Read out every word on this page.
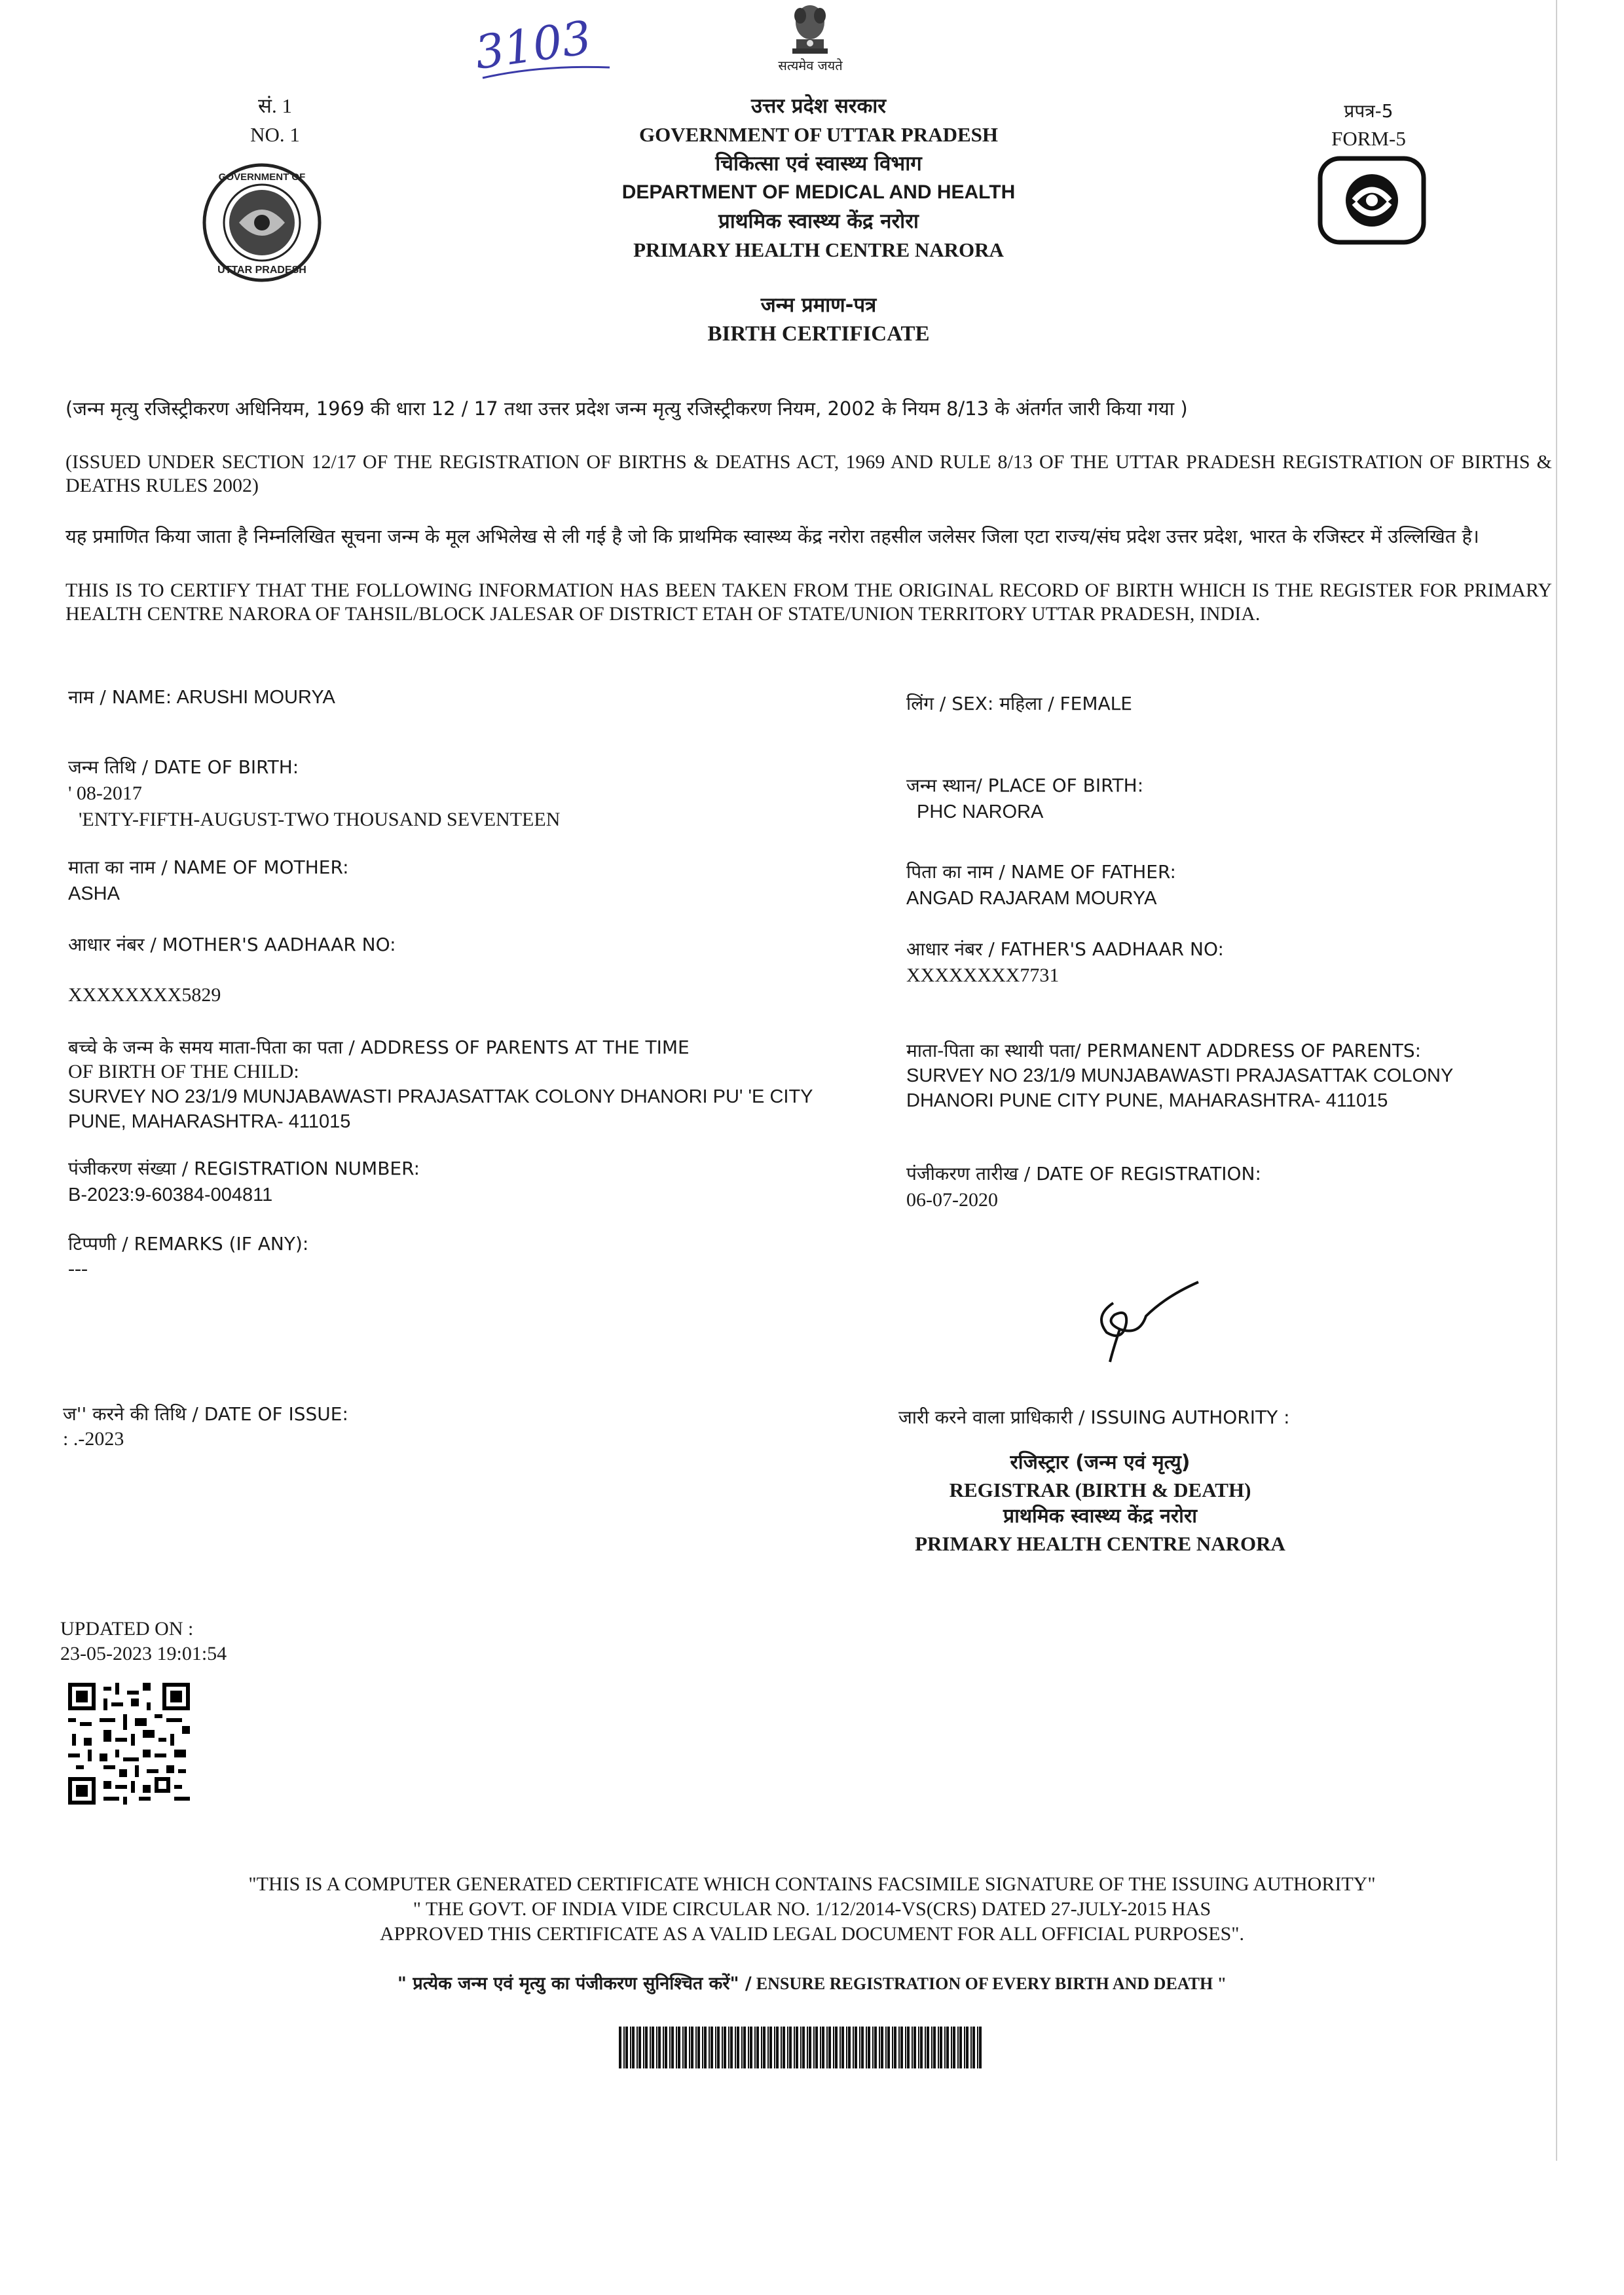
3103	सत्यमेव जयते
सं. 1
NO. 1
GOVERNMENT OF
UTTAR PRADESH
उत्तर प्रदेश सरकार
GOVERNMENT OF UTTAR PRADESH
चिकित्सा एवं स्वास्थ्य विभाग
DEPARTMENT OF MEDICAL AND HEALTH
प्राथमिक स्वास्थ्य केंद्र नरोरा
PRIMARY HEALTH CENTRE NARORA
प्रपत्र-5
FORM-5
जन्म प्रमाण-पत्र
BIRTH CERTIFICATE
(जन्म मृत्यु रजिस्ट्रीकरण अधिनियम, 1969 की धारा 12 / 17 तथा उत्तर प्रदेश जन्म मृत्यु रजिस्ट्रीकरण नियम, 2002 के नियम 8/13 के अंतर्गत जारी किया गया )
(ISSUED UNDER SECTION 12/17 OF THE REGISTRATION OF BIRTHS & DEATHS ACT, 1969 AND RULE 8/13 OF THE UTTAR PRADESH REGISTRATION OF BIRTHS & DEATHS RULES 2002)
यह प्रमाणित किया जाता है निम्नलिखित सूचना जन्म के मूल अभिलेख से ली गई है जो कि प्राथमिक स्वास्थ्य केंद्र नरोरा तहसील जलेसर जिला एटा राज्य/संघ प्रदेश उत्तर प्रदेश, भारत के रजिस्टर में उल्लिखित है।
THIS IS TO CERTIFY THAT THE FOLLOWING INFORMATION HAS BEEN TAKEN FROM THE ORIGINAL RECORD OF BIRTH WHICH IS THE REGISTER FOR PRIMARY HEALTH CENTRE NARORA OF TAHSIL/BLOCK JALESAR OF DISTRICT ETAH OF STATE/UNION TERRITORY UTTAR PRADESH, INDIA.
नाम / NAME: ARUSHI MOURYA
जन्म तिथि / DATE OF BIRTH:
' 08-2017
'ENTY-FIFTH-AUGUST-TWO THOUSAND SEVENTEEN
माता का नाम / NAME OF MOTHER:
ASHA
आधार नंबर / MOTHER'S AADHAAR NO:
XXXXXXXX5829
बच्चे के जन्म के समय माता-पिता का पता / ADDRESS OF PARENTS AT THE TIME
OF BIRTH OF THE CHILD:
SURVEY NO 23/1/9 MUNJABAWASTI PRAJASATTAK COLONY DHANORI PU' 'E CITY
PUNE, MAHARASHTRA- 411015
पंजीकरण संख्या / REGISTRATION NUMBER:
B-2023:9-60384-004811
टिप्पणी / REMARKS (IF ANY):
---
ज'' करने की तिथि / DATE OF ISSUE:
: .-2023
लिंग / SEX: महिला / FEMALE
जन्म स्थान/ PLACE OF BIRTH:
PHC NARORA
पिता का नाम / NAME OF FATHER:
ANGAD RAJARAM MOURYA
आधार नंबर / FATHER'S AADHAAR NO:
XXXXXXXX7731
माता-पिता का स्थायी पता/ PERMANENT ADDRESS OF PARENTS:
SURVEY NO 23/1/9 MUNJABAWASTI PRAJASATTAK COLONY
DHANORI PUNE CITY PUNE, MAHARASHTRA- 411015
पंजीकरण तारीख / DATE OF REGISTRATION:
06-07-2020
जारी करने वाला प्राधिकारी / ISSUING AUTHORITY :
रजिस्ट्रार (जन्म एवं मृत्यु)
REGISTRAR (BIRTH & DEATH)
प्राथमिक स्वास्थ्य केंद्र नरोरा
PRIMARY HEALTH CENTRE NARORA
UPDATED ON :
23-05-2023 19:01:54
"THIS IS A COMPUTER GENERATED CERTIFICATE WHICH CONTAINS FACSIMILE SIGNATURE OF THE ISSUING AUTHORITY"
" THE GOVT. OF INDIA VIDE CIRCULAR NO. 1/12/2014-VS(CRS) DATED 27-JULY-2015 HAS
APPROVED THIS CERTIFICATE AS A VALID LEGAL DOCUMENT FOR ALL OFFICIAL PURPOSES".
" प्रत्येक जन्म एवं मृत्यु का पंजीकरण सुनिश्चित करें" / ENSURE REGISTRATION OF EVERY BIRTH AND DEATH "
